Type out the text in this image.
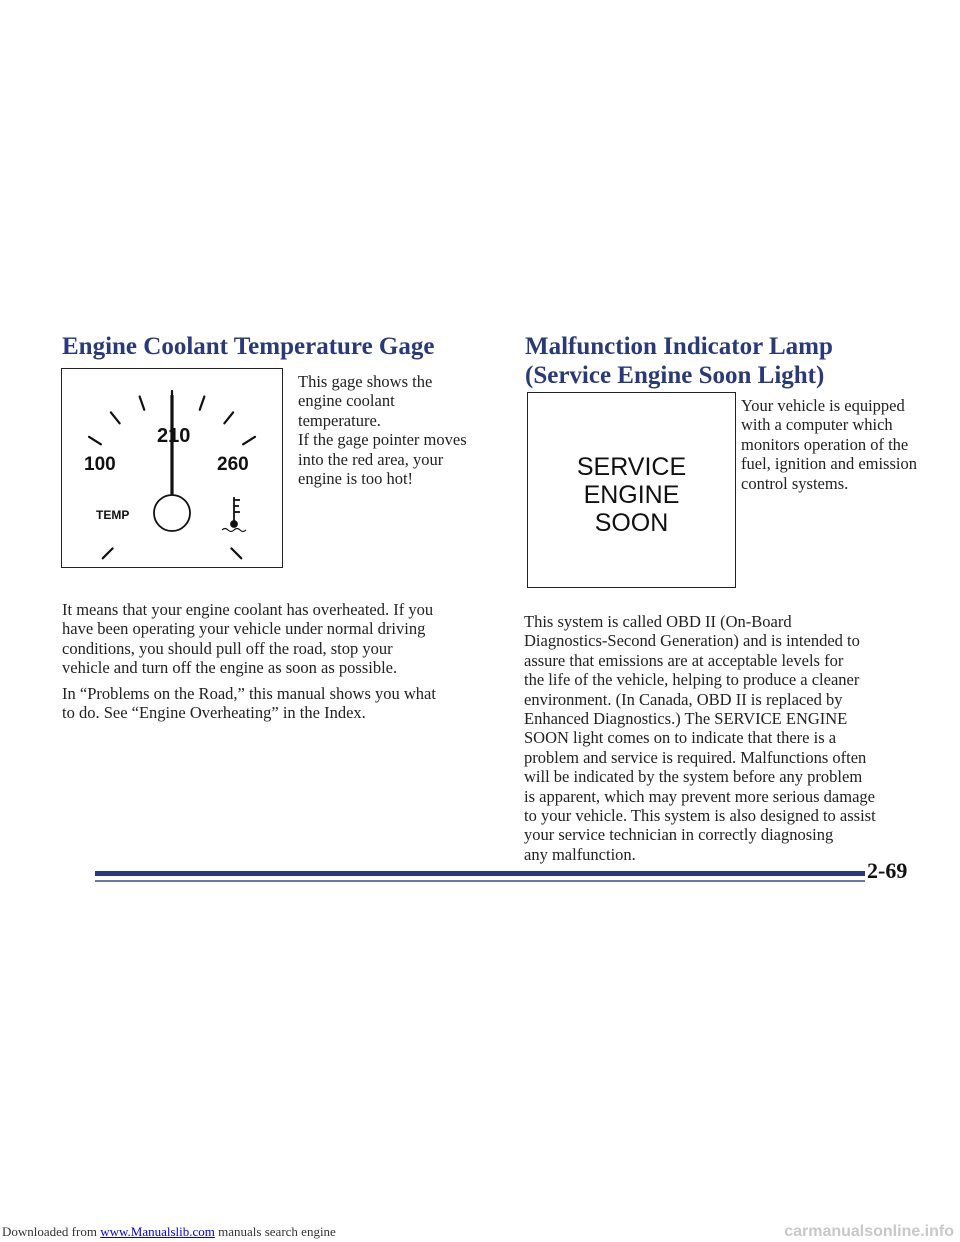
Engine Coolant Temperature Gage
100
210
260
TEMP
This gage shows the
engine coolant temperature.
If the gage pointer moves
into the red area, your
engine is too hot!
It means that your engine coolant has overheated. If you
have been operating your vehicle under normal driving
conditions, you should pull off the road, stop your
vehicle and turn off the engine as soon as possible.
In “Problems on the Road,” this manual shows you what
to do. See “Engine Overheating” in the Index.
Malfunction Indicator Lamp
(Service Engine Soon Light)
SERVICE
ENGINE
SOON
Your vehicle is equipped
with a computer which
monitors operation of the
fuel, ignition and emission
control systems.
This system is called OBD II (On-Board
Diagnostics-Second Generation) and is intended to
assure that emissions are at acceptable levels for
the life of the vehicle, helping to produce a cleaner
environment. (In Canada, OBD II is replaced by
Enhanced Diagnostics.) The SERVICE ENGINE
SOON light comes on to indicate that there is a
problem and service is required. Malfunctions often
will be indicated by the system before any problem
is apparent, which may prevent more serious damage
to your vehicle. This system is also designed to assist
your service technician in correctly diagnosing
any malfunction.
2-69
Downloaded from www.Manualslib.com manuals search engine	carmanualsonline.info
